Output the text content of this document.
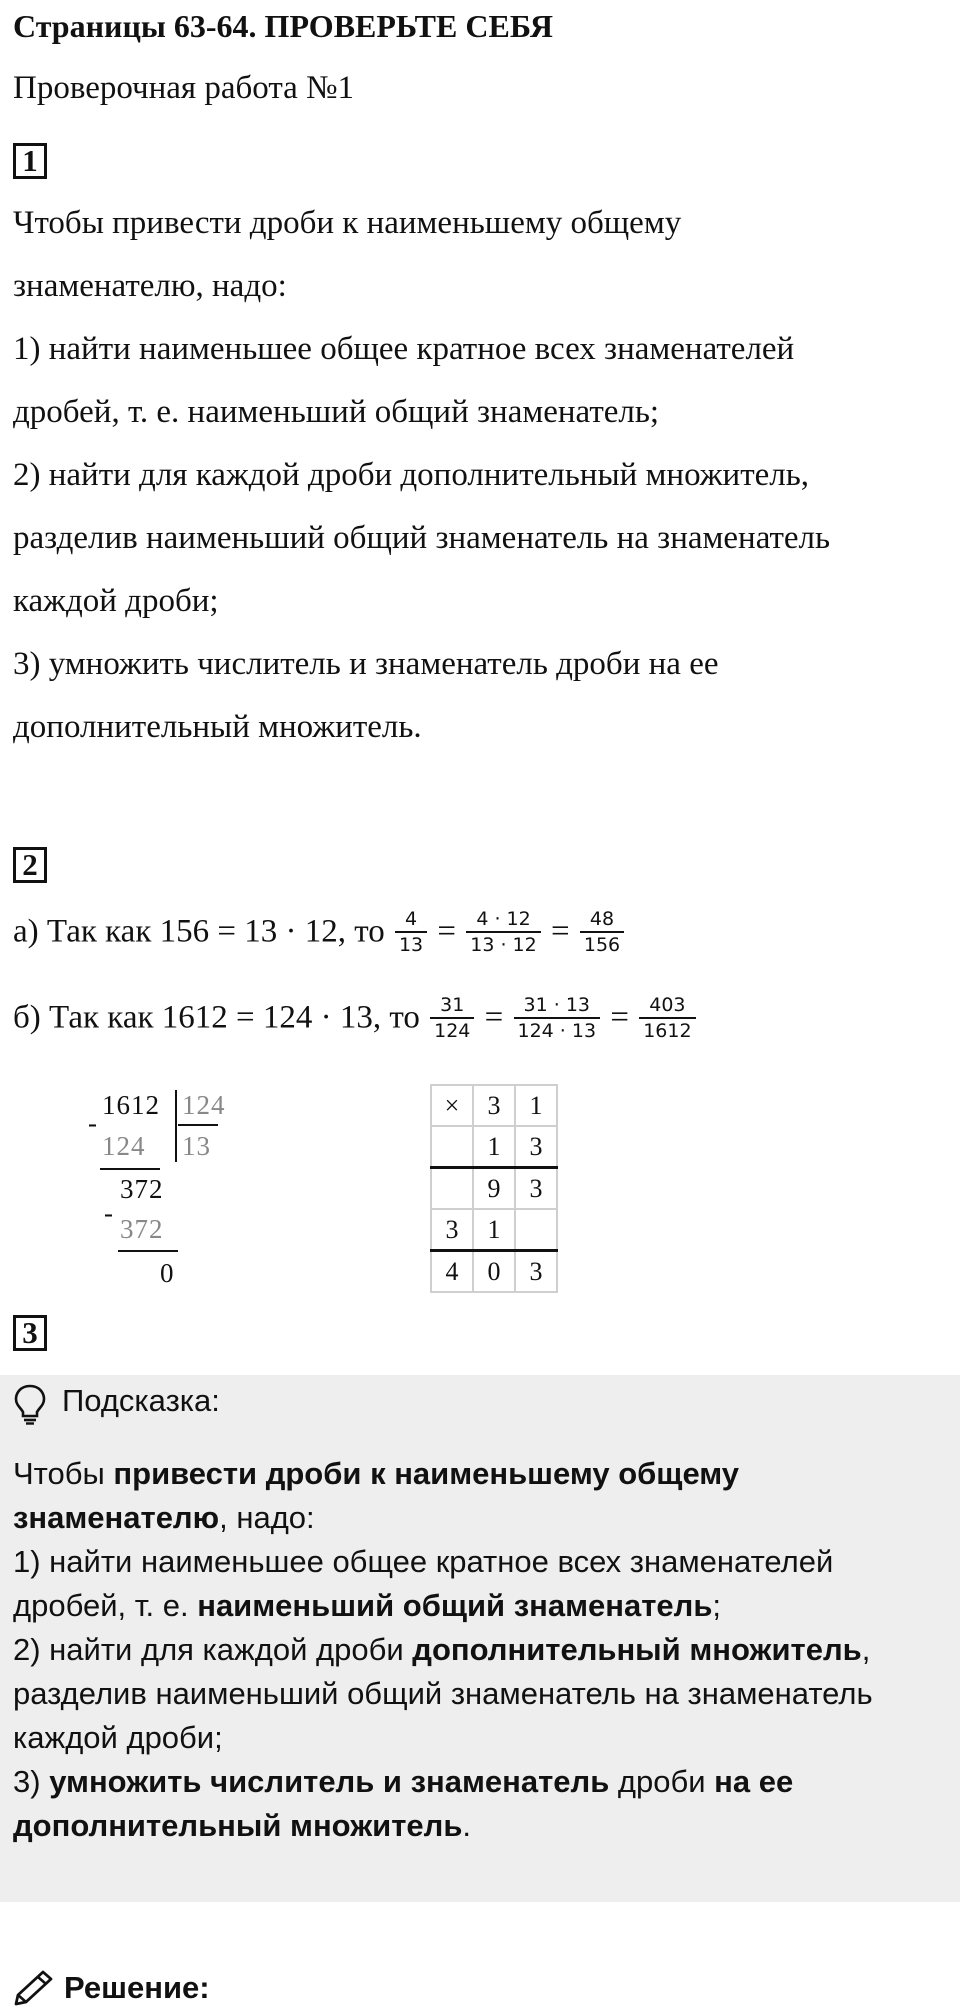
Страницы 63-64. ПРОВЕРЬТЕ СЕБЯ
Проверочная работа №1
1
Чтобы привести дроби к наименьшему общему
знаменателю, надо:
1) найти наименьшее общее кратное всех знаменателей
дробей, т. е. наименьший общий знаменатель;
2) найти для каждой дроби дополнительный множитель,
разделив наименьший общий знаменатель на знаменатель
каждой дроби;
3) умножить числитель и знаменатель дроби на ее
дополнительный множитель.
2
а) Так как 156 = 13 · 12, то $\frac{4}{13} = \frac{4 \cdot 12}{13 \cdot 12} = \frac{48}{156}$
б) Так как 1612 = 124 · 13, то $\frac{31}{124} = \frac{31 \cdot 13}{124 \cdot 13} = \frac{403}{1612}$
1612 124
-
124 13
372
-
372
0
×	3	1
	1	3
	9	3
3	1	
4	0	3
3
Подсказка:
Чтобы привести дроби к наименьшему общему
знаменателю, надо:
1) найти наименьшее общее кратное всех знаменателей
дробей, т. е. наименьший общий знаменатель;
2) найти для каждой дроби дополнительный множитель,
разделив наименьший общий знаменатель на знаменатель
каждой дроби;
3) умножить числитель и знаменатель дроби на ее
дополнительный множитель.
Решение:
